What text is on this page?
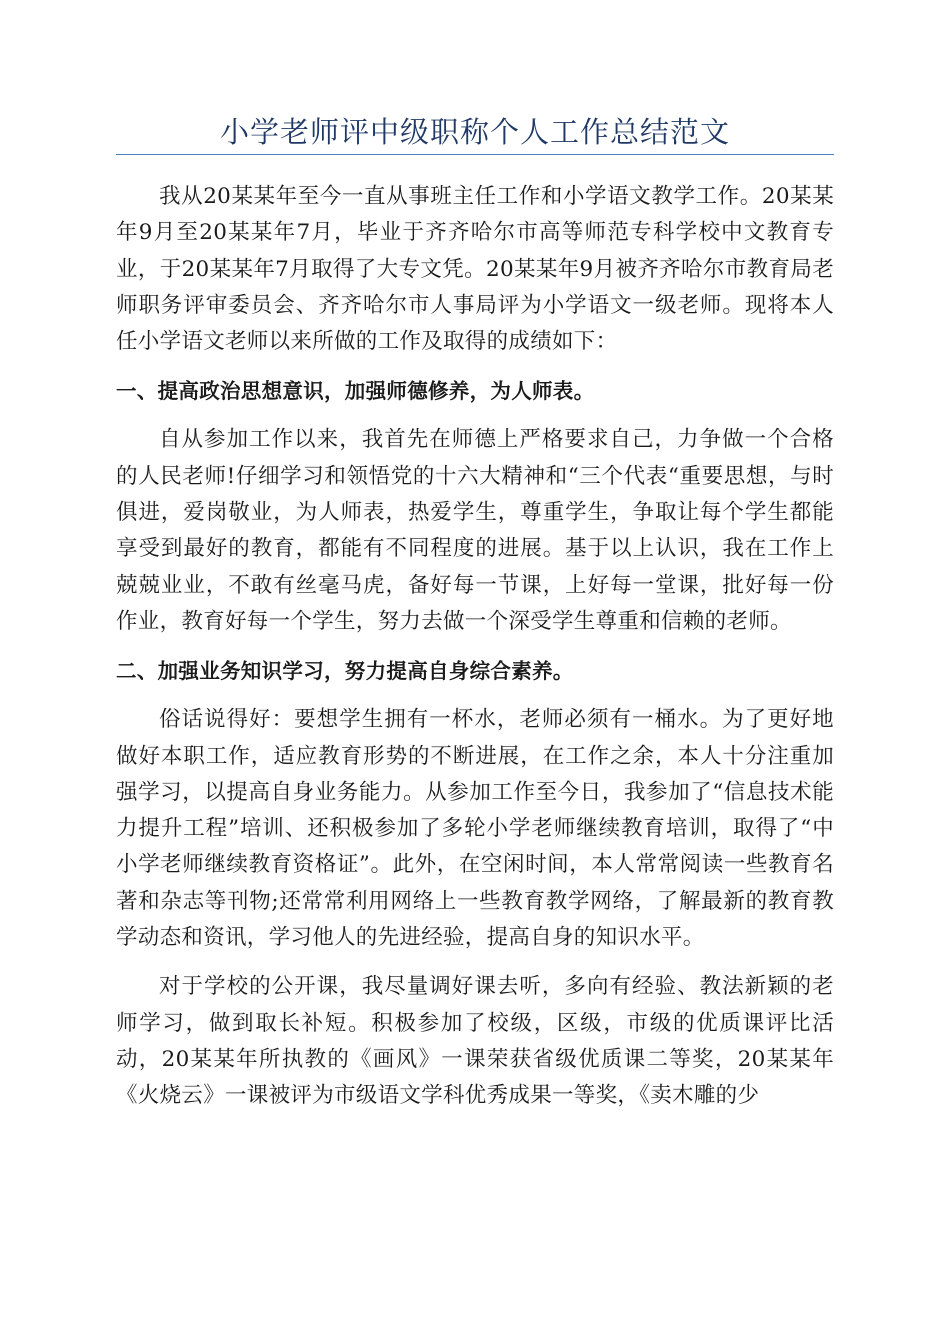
小学老师评中级职称个人工作总结范文

我从20某某年至今一直从事班主任工作和小学语文教学工作。20某某年9月至20某某年7月，毕业于齐齐哈尔市高等师范专科学校中文教育专业，于20某某年7月取得了大专文凭。20某某年9月被齐齐哈尔市教育局老师职务评审委员会、齐齐哈尔市人事局评为小学语文一级老师。现将本人任小学语文老师以来所做的工作及取得的成绩如下：

一、提高政治思想意识，加强师德修养，为人师表。

自从参加工作以来，我首先在师德上严格要求自己，力争做一个合格的人民老师!仔细学习和领悟党的十六大精神和“三个代表“重要思想，与时俱进，爱岗敬业，为人师表，热爱学生，尊重学生，争取让每个学生都能享受到最好的教育，都能有不同程度的进展。基于以上认识，我在工作上兢兢业业，不敢有丝毫马虎，备好每一节课，上好每一堂课，批好每一份作业，教育好每一个学生，努力去做一个深受学生尊重和信赖的老师。

二、加强业务知识学习，努力提高自身综合素养。

俗话说得好：要想学生拥有一杯水，老师必须有一桶水。为了更好地做好本职工作，适应教育形势的不断进展，在工作之余，本人十分注重加强学习，以提高自身业务能力。从参加工作至今日，我参加了“信息技术能力提升工程”培训、还积极参加了多轮小学老师继续教育培训，取得了“中小学老师继续教育资格证”。此外，在空闲时间，本人常常阅读一些教育名著和杂志等刊物;还常常利用网络上一些教育教学网络，了解最新的教育教学动态和资讯，学习他人的先进经验，提高自身的知识水平。

对于学校的公开课，我尽量调好课去听，多向有经验、教法新颖的老师学习，做到取长补短。积极参加了校级，区级，市级的优质课评比活动，20某某年所执教的《画风》一课荣获省级优质课二等奖，20某某年《火烧云》一课被评为市级语文学科优秀成果一等奖，《卖木雕的少
